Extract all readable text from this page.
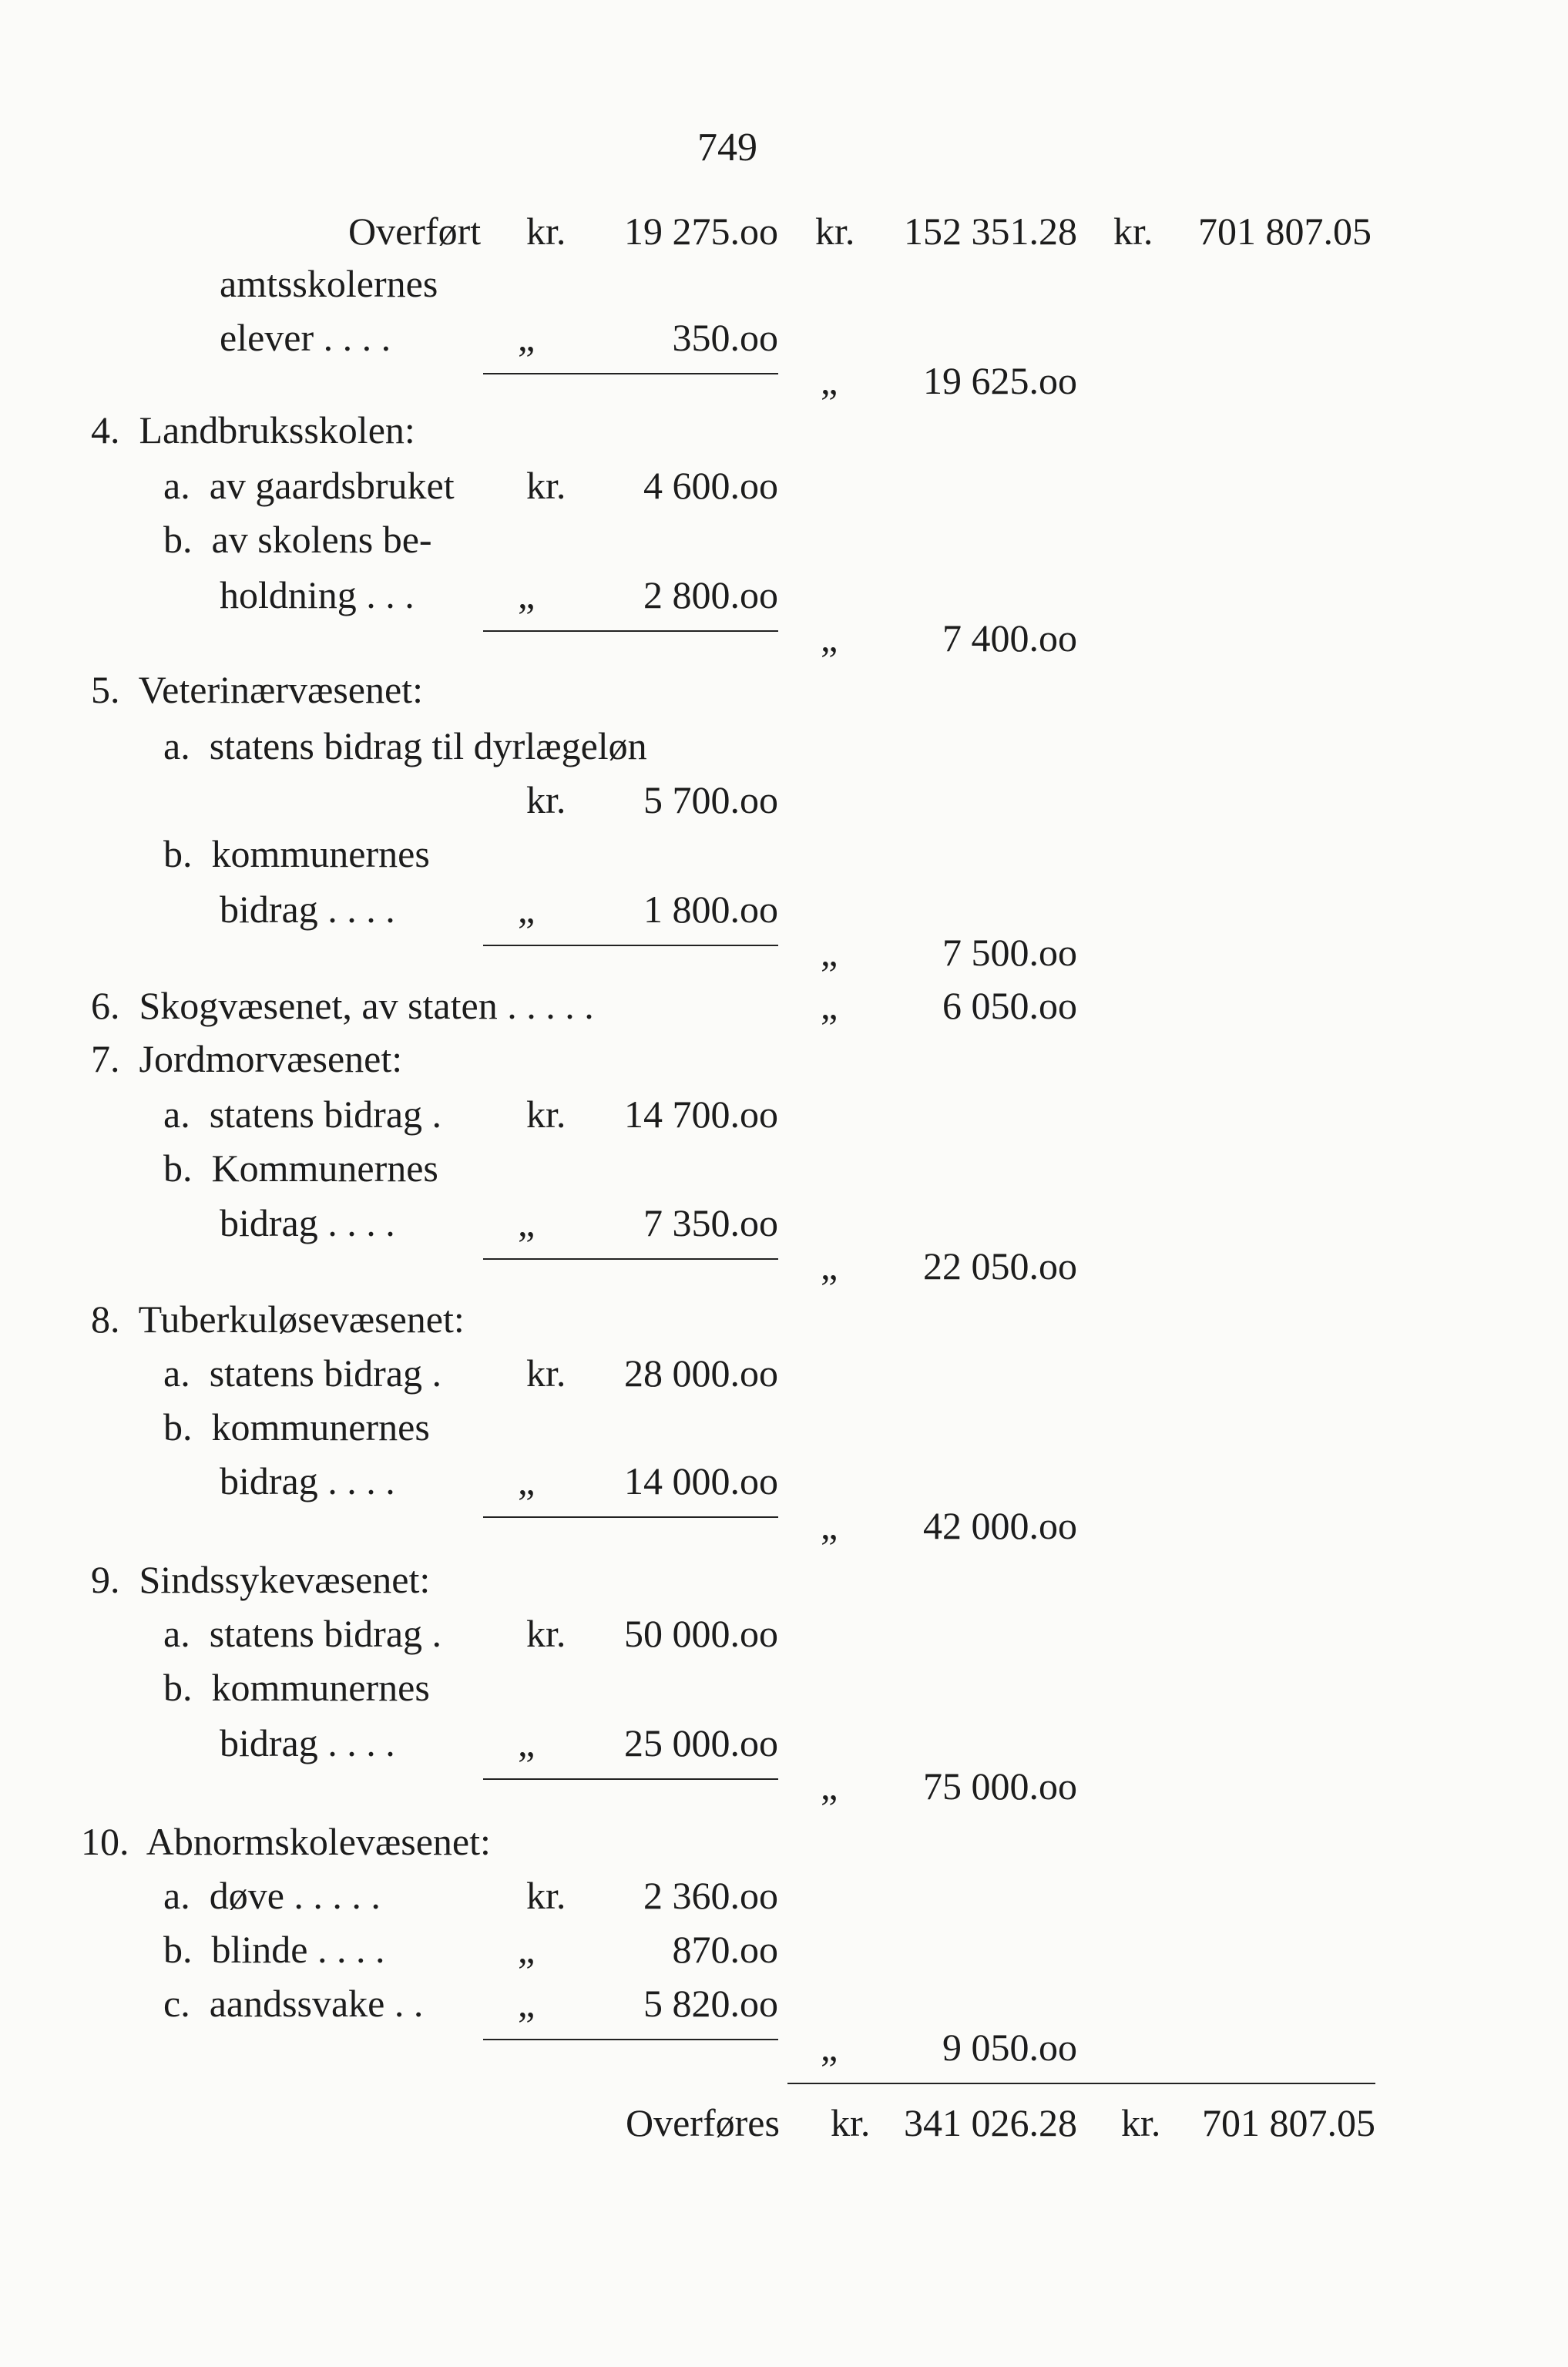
749
Overført kr. 19 275.oo kr. 152 351.28 kr. 701 807.05
amtsskolernes
elever . . . .	„	350.oo
„ 19 625.oo
4.  Landbruksskolen:
a.  av gaardsbruket kr. 4 600.oo
b.  av skolens be-
holdning . . .	„	2 800.oo
„	7 400.oo
5.  Veterinærvæsenet:
a.  statens bidrag til dyrlægeløn
kr. 5 700.oo
b.  kommunernes
bidrag . . . .	„	1 800.oo
„	7 500.oo
6.  Skogvæsenet, av staten . . . . .	„	6 050.oo
7.  Jordmorvæsenet:
a.  statens bidrag . kr. 14 700.oo
b.  Kommunernes
bidrag . . . .	„	7 350.oo
„ 22 050.oo
8.  Tuberkuløsevæsenet:
a.  statens bidrag . kr. 28 000.oo
b.  kommunernes
bidrag . . . .	„ 14 000.oo
„ 42 000.oo
9.  Sindssykevæsenet:
a.  statens bidrag . kr. 50 000.oo
b.  kommunernes
bidrag . . . .	„ 25 000.oo
„ 75 000.oo
10.  Abnormskolevæsenet:
a.  døve . . . . .	kr. 2 360.oo
b.  blinde . . . .	„	870.oo
c.  aandssvake . . „	5 820.oo
„	9 050.oo
Overføres kr. 341 026.28 kr. 701 807.05
